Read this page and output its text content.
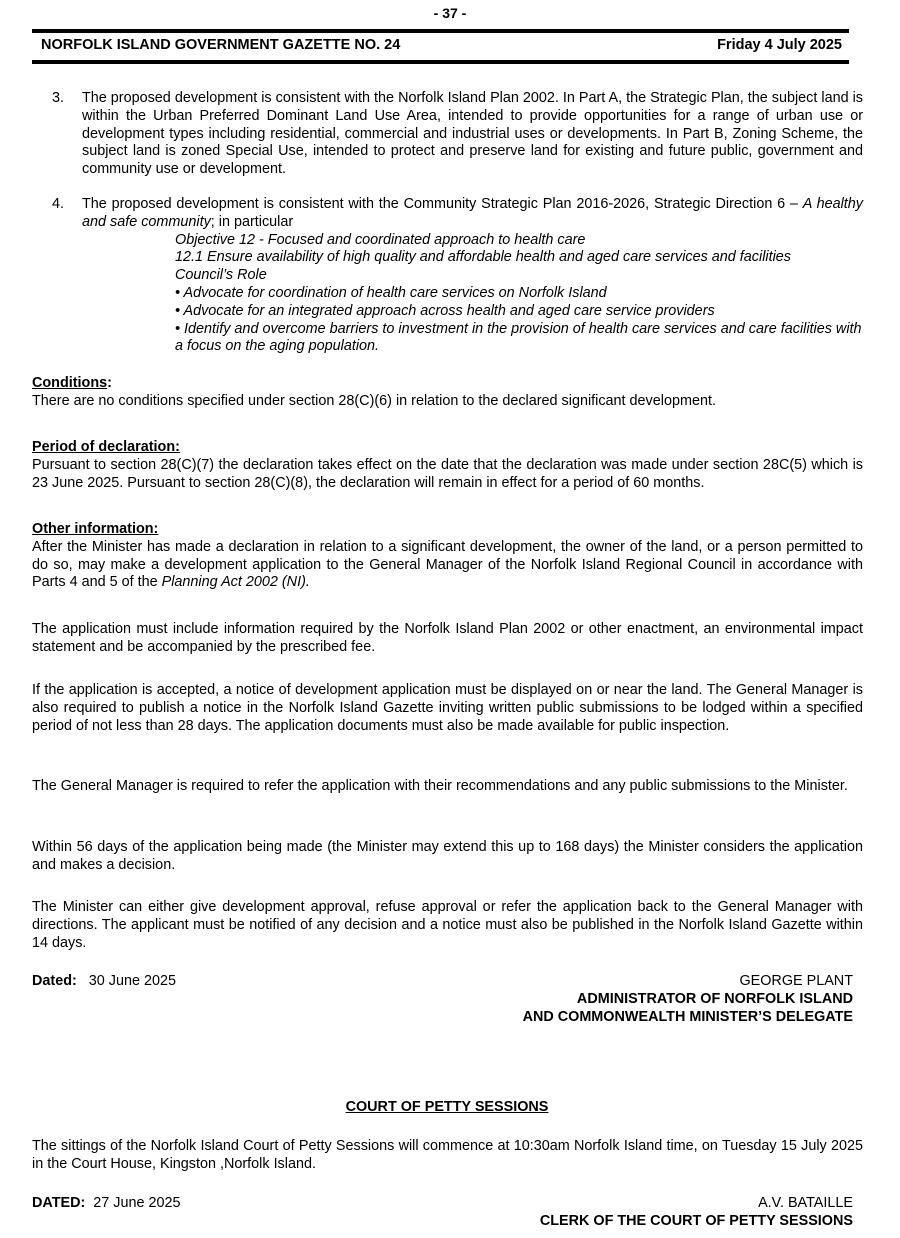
- 37 -
NORFOLK ISLAND GOVERNMENT GAZETTE NO. 24	Friday 4 July 2025
3. The proposed development is consistent with the Norfolk Island Plan 2002. In Part A, the Strategic Plan, the subject land is within the Urban Preferred Dominant Land Use Area, intended to provide opportunities for a range of urban use or development types including residential, commercial and industrial uses or developments. In Part B, Zoning Scheme, the subject land is zoned Special Use, intended to protect and preserve land for existing and future public, government and community use or development.
4. The proposed development is consistent with the Community Strategic Plan 2016-2026, Strategic Direction 6 – A healthy and safe community; in particular
Objective 12 - Focused and coordinated approach to health care
12.1 Ensure availability of high quality and affordable health and aged care services and facilities
Council’s Role
• Advocate for coordination of health care services on Norfolk Island
• Advocate for an integrated approach across health and aged care service providers
• Identify and overcome barriers to investment in the provision of health care services and care facilities with a focus on the aging population.
Conditions:
There are no conditions specified under section 28(C)(6) in relation to the declared significant development.
Period of declaration:
Pursuant to section 28(C)(7) the declaration takes effect on the date that the declaration was made under section 28C(5) which is 23 June 2025. Pursuant to section 28(C)(8), the declaration will remain in effect for a period of 60 months.
Other information:
After the Minister has made a declaration in relation to a significant development, the owner of the land, or a person permitted to do so, may make a development application to the General Manager of the Norfolk Island Regional Council in accordance with Parts 4 and 5 of the Planning Act 2002 (NI).
The application must include information required by the Norfolk Island Plan 2002 or other enactment, an environmental impact statement and be accompanied by the prescribed fee.
If the application is accepted, a notice of development application must be displayed on or near the land. The General Manager is also required to publish a notice in the Norfolk Island Gazette inviting written public submissions to be lodged within a specified period of not less than 28 days. The application documents must also be made available for public inspection.
The General Manager is required to refer the application with their recommendations and any public submissions to the Minister.
Within 56 days of the application being made (the Minister may extend this up to 168 days) the Minister considers the application and makes a decision.
The Minister can either give development approval, refuse approval or refer the application back to the General Manager with directions. The applicant must be notified of any decision and a notice must also be published in the Norfolk Island Gazette within 14 days.
Dated: 30 June 2025	GEORGE PLANT
ADMINISTRATOR OF NORFOLK ISLAND
AND COMMONWEALTH MINISTER’S DELEGATE
COURT OF PETTY SESSIONS
The sittings of the Norfolk Island Court of Petty Sessions will commence at 10:30am Norfolk Island time, on Tuesday 15 July 2025 in the Court House, Kingston ,Norfolk Island.
DATED: 27 June 2025	A.V. BATAILLE
CLERK OF THE COURT OF PETTY SESSIONS
